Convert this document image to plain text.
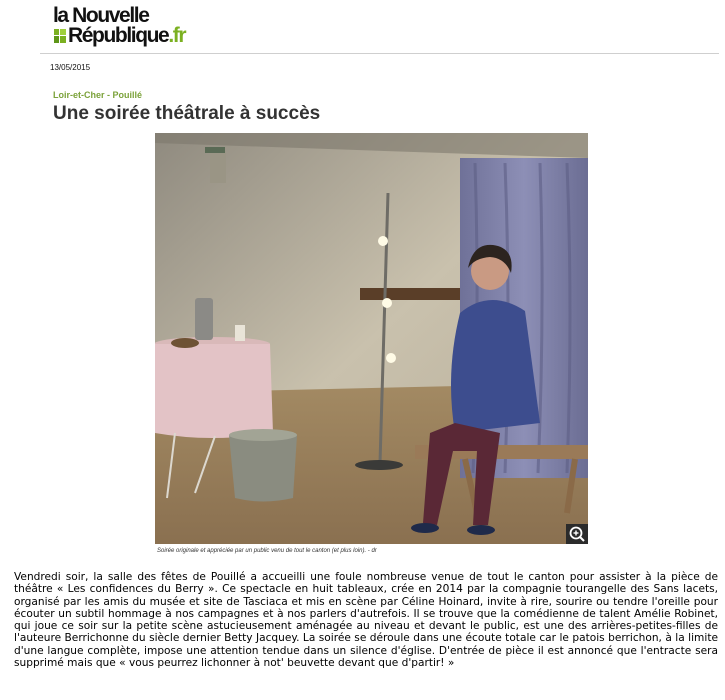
la Nouvelle
République.fr
13/05/2015
Loir-et-Cher - Pouillé
Une soirée théâtrale à succès
Soirée originale et appréciée par un public venu de tout le canton (et plus loin). - dr
Vendredi soir, la salle des fêtes de Pouillé a accueilli une foule nombreuse venue de tout le canton pour assister à la pièce de théâtre « Les confidences du Berry ». Ce spectacle en huit tableaux, crée en 2014 par la compagnie tourangelle des Sans lacets, organisé par les amis du musée et site de Tasciaca et mis en scène par Céline Hoinard, invite à rire, sourire ou tendre l'oreille pour écouter un subtil hommage à nos campagnes et à nos parlers d'autrefois. Il se trouve que la comédienne de talent Amélie Robinet, qui joue ce soir sur la petite scène astucieusement aménagée au niveau et devant le public, est une des arrières-petites-filles de l'auteure Berrichonne du siècle dernier Betty Jacquey. La soirée se déroule dans une écoute totale car le patois berrichon, à la limite d'une langue complète, impose une attention tendue dans un silence d'église. D'entrée de pièce il est annoncé que l'entracte sera supprimé mais que « vous peurrez lichonner à not' beuvette devant que d'partir! »
